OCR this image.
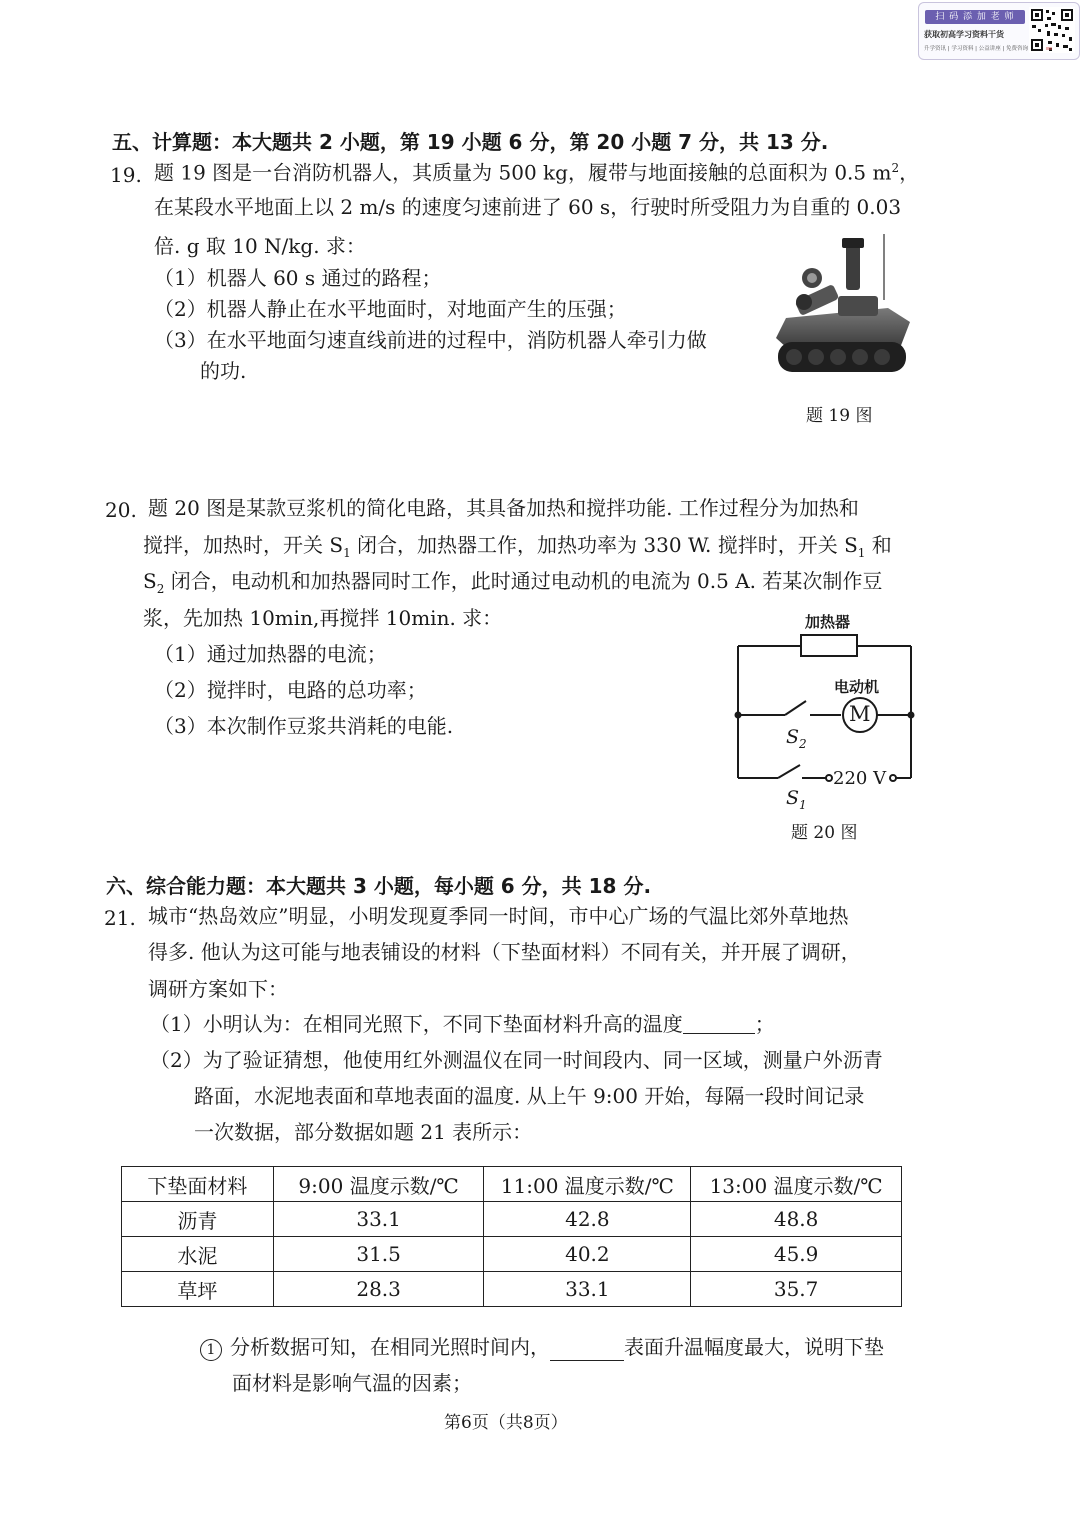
扫 码 添 加 老 师
获取初高学习资料干货
升学资讯 | 学习资料 | 公益讲座 | 免费咨询
五、计算题：本大题共 2 小题，第 19 小题 6 分，第 20 小题 7 分，共 13 分.
19. 题 19 图是一台消防机器人，其质量为 500 kg，履带与地面接触的总面积为 0.5 $m^2$，
在某段水平地面上以 2 m/s 的速度匀速前进了 60 s，行驶时所受阻力为自重的 0.03
倍. g 取 10 N/kg. 求：
（1）机器人 60 s 通过的路程；
（2）机器人静止在水平地面时，对地面产生的压强；
（3）在水平地面匀速直线前进的过程中，消防机器人牵引力做
的功.
题 19 图
20. 题 20 图是某款豆浆机的简化电路，其具备加热和搅拌功能. 工作过程分为加热和
搅拌，加热时，开关 $S_1$ 闭合，加热器工作，加热功率为 330 W. 搅拌时，开关 $S_1$ 和
$S_2$ 闭合，电动机和加热器同时工作，此时通过电动机的电流为 0.5 A. 若某次制作豆
浆，先加热 10min,再搅拌 10min. 求：
（1）通过加热器的电流；
（2）搅拌时，电路的总功率；
（3）本次制作豆浆共消耗的电能.
加热器
电动机
M
$S_2$
220 V
$S_1$
题 20 图
六、综合能力题：本大题共 3 小题，每小题 6 分，共 18 分.
21. 城市“热岛效应”明显，小明发现夏季同一时间，市中心广场的气温比郊外草地热
得多. 他认为这可能与地表铺设的材料（下垫面材料）不同有关，并开展了调研，
调研方案如下：
（1）小明认为：在相同光照下，不同下垫面材料升高的温度	；
（2）为了验证猜想，他使用红外测温仪在同一时间段内、同一区域，测量户外沥青
路面，水泥地表面和草地表面的温度. 从上午 9:00 开始，每隔一段时间记录
一次数据，部分数据如题 21 表所示：
下垫面材料	9:00 温度示数/℃	11:00 温度示数/℃	13:00 温度示数/℃
沥青	33.1	42.8	48.8
水泥	31.5	40.2	45.9
草坪	28.3	33.1	35.7
1 分析数据可知，在相同光照时间内，	表面升温幅度最大，说明下垫
面材料是影响气温的因素；
第6页（共8页）
